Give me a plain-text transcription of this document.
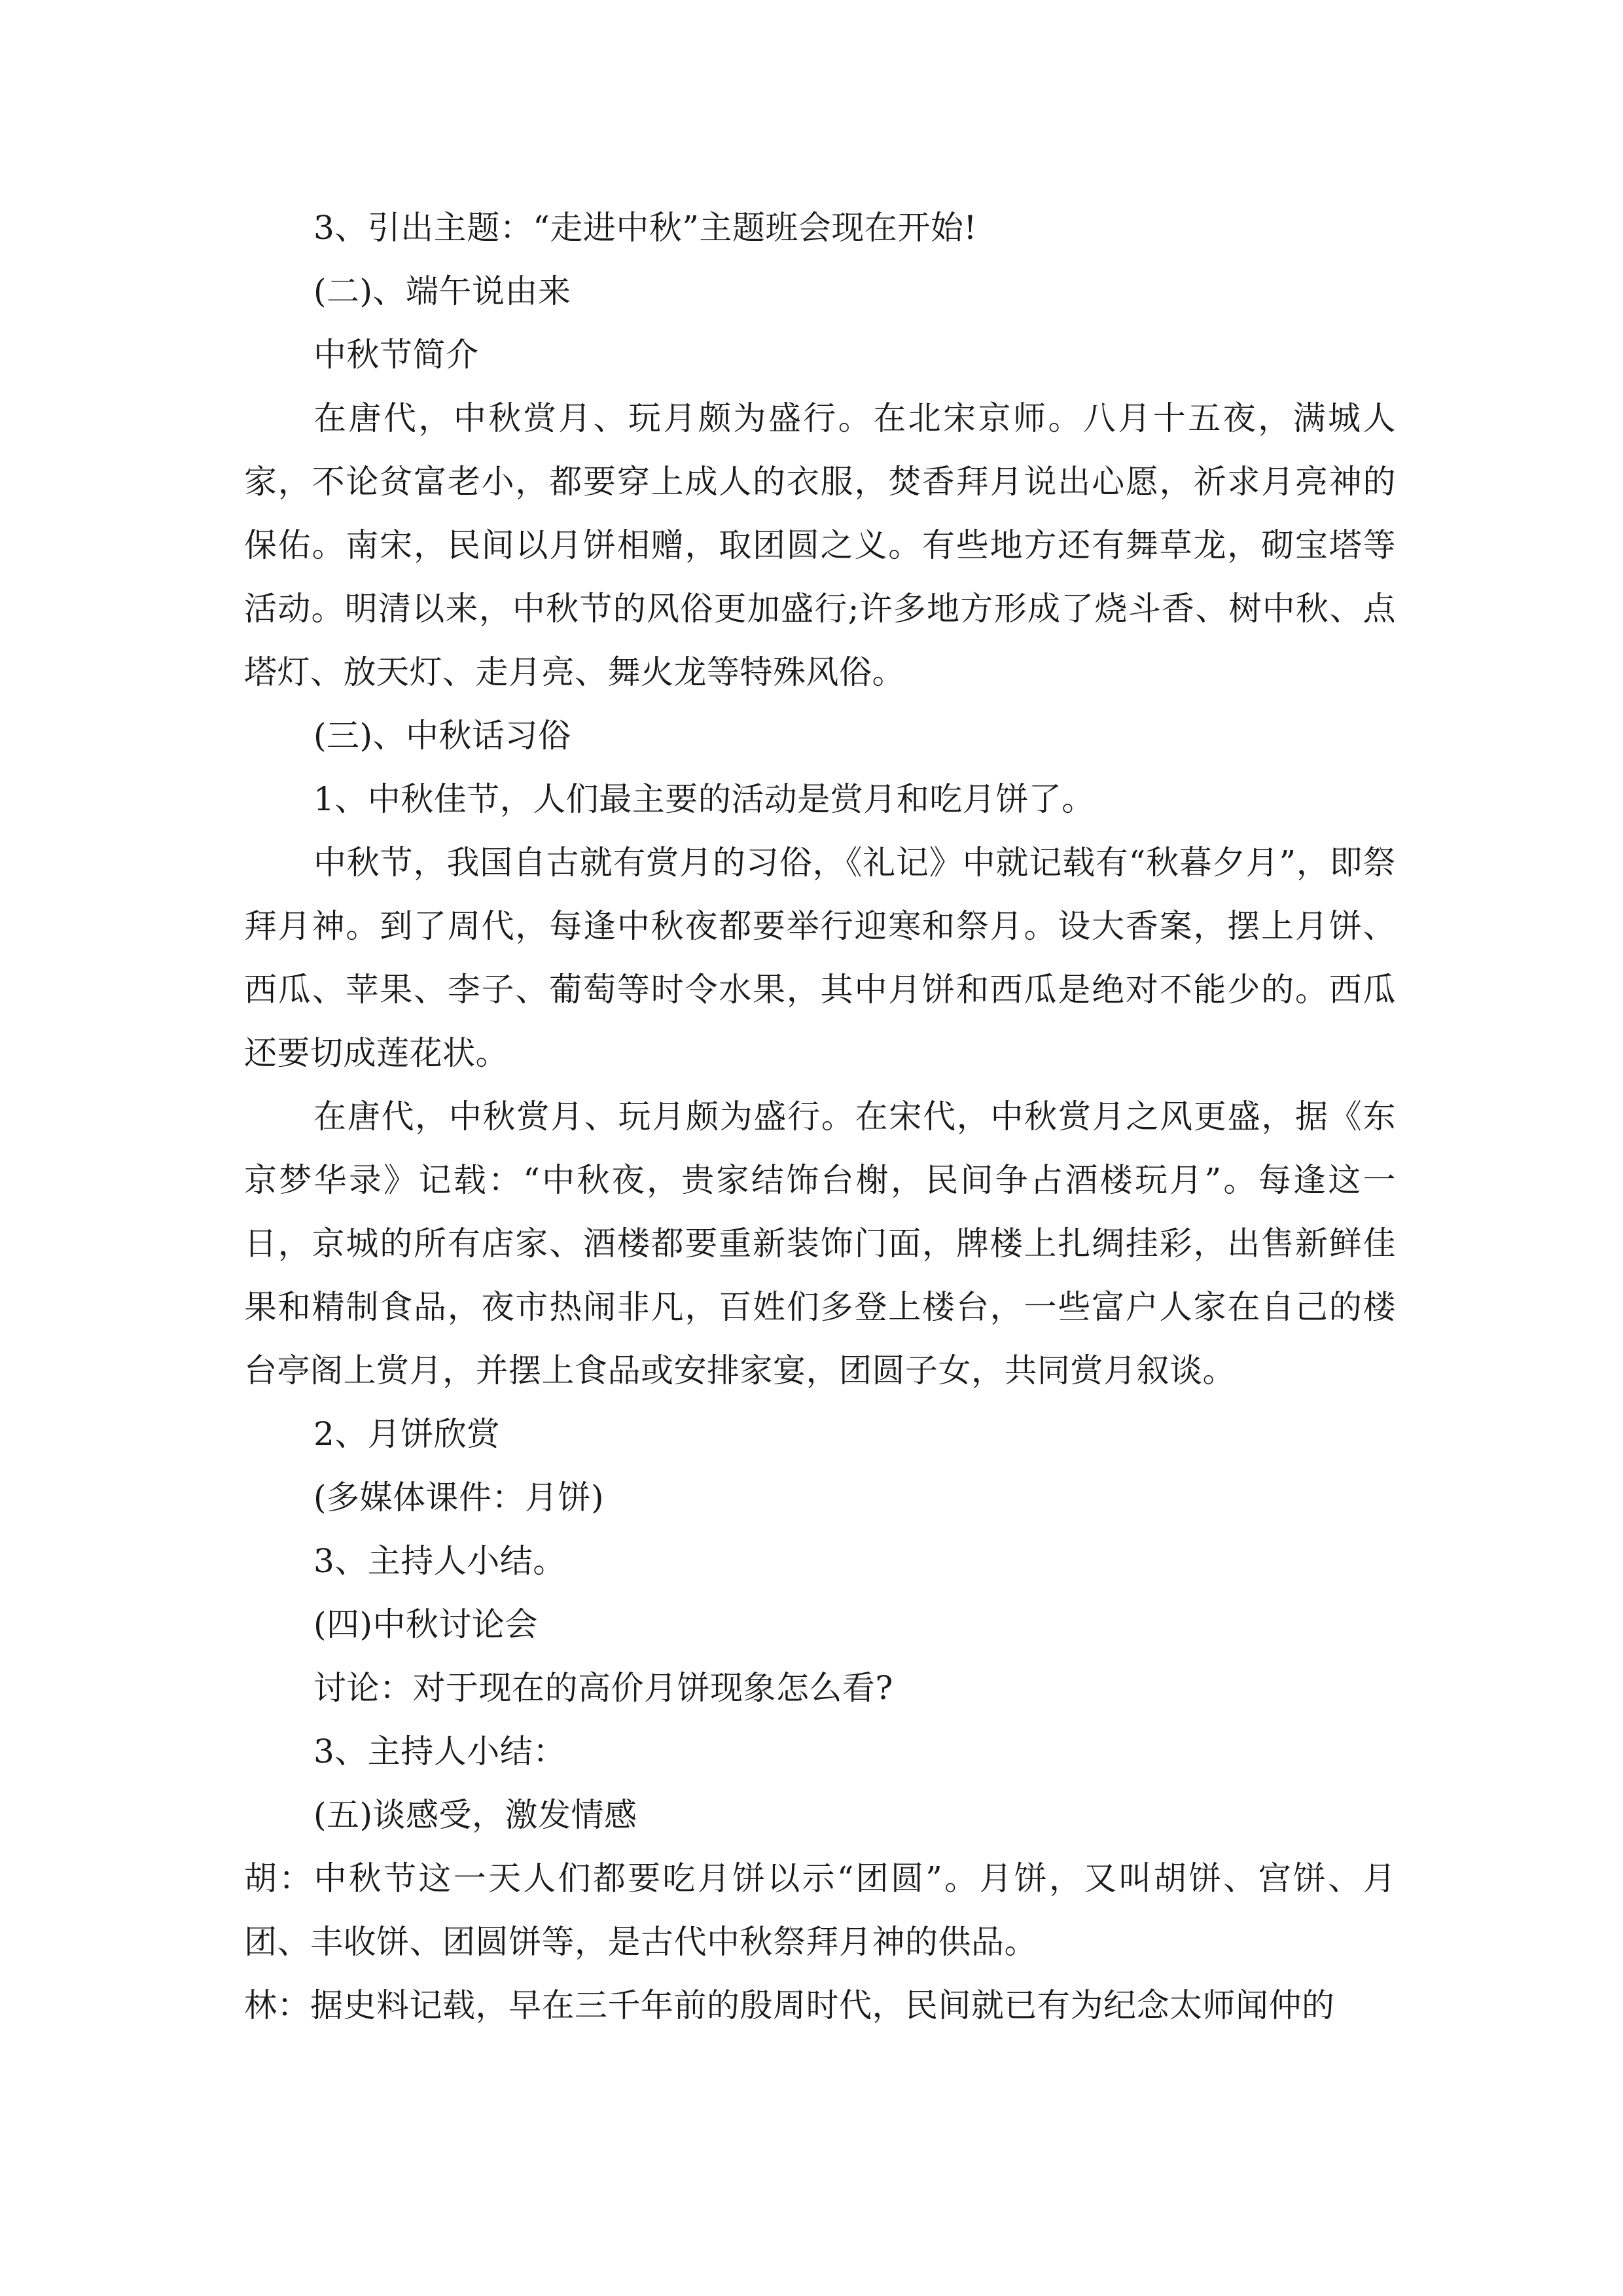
3、引出主题：“走进中秋”主题班会现在开始!

(二)、端午说由来

中秋节简介

在唐代，中秋赏月、玩月颇为盛行。在北宋京师。八月十五夜，满城人家，不论贫富老小，都要穿上成人的衣服，焚香拜月说出心愿，祈求月亮神的保佑。南宋，民间以月饼相赠，取团圆之义。有些地方还有舞草龙，砌宝塔等活动。明清以来，中秋节的风俗更加盛行;许多地方形成了烧斗香、树中秋、点塔灯、放天灯、走月亮、舞火龙等特殊风俗。

(三)、中秋话习俗

1、中秋佳节，人们最主要的活动是赏月和吃月饼了。

中秋节，我国自古就有赏月的习俗，《礼记》中就记载有“秋暮夕月”，即祭拜月神。到了周代，每逢中秋夜都要举行迎寒和祭月。设大香案，摆上月饼、西瓜、苹果、李子、葡萄等时令水果，其中月饼和西瓜是绝对不能少的。西瓜还要切成莲花状。

在唐代，中秋赏月、玩月颇为盛行。在宋代，中秋赏月之风更盛，据《东京梦华录》记载：“中秋夜，贵家结饰台榭，民间争占酒楼玩月”。每逢这一日，京城的所有店家、酒楼都要重新装饰门面，牌楼上扎绸挂彩，出售新鲜佳果和精制食品，夜市热闹非凡，百姓们多登上楼台，一些富户人家在自己的楼台亭阁上赏月，并摆上食品或安排家宴，团圆子女，共同赏月叙谈。

2、月饼欣赏

(多媒体课件：月饼)

3、主持人小结。

(四)中秋讨论会

讨论：对于现在的高价月饼现象怎么看?

3、主持人小结：

(五)谈感受，激发情感

胡：中秋节这一天人们都要吃月饼以示“团圆”。月饼，又叫胡饼、宫饼、月团、丰收饼、团圆饼等，是古代中秋祭拜月神的供品。

林：据史料记载，早在三千年前的殷周时代，民间就已有为纪念太师闻仲的
